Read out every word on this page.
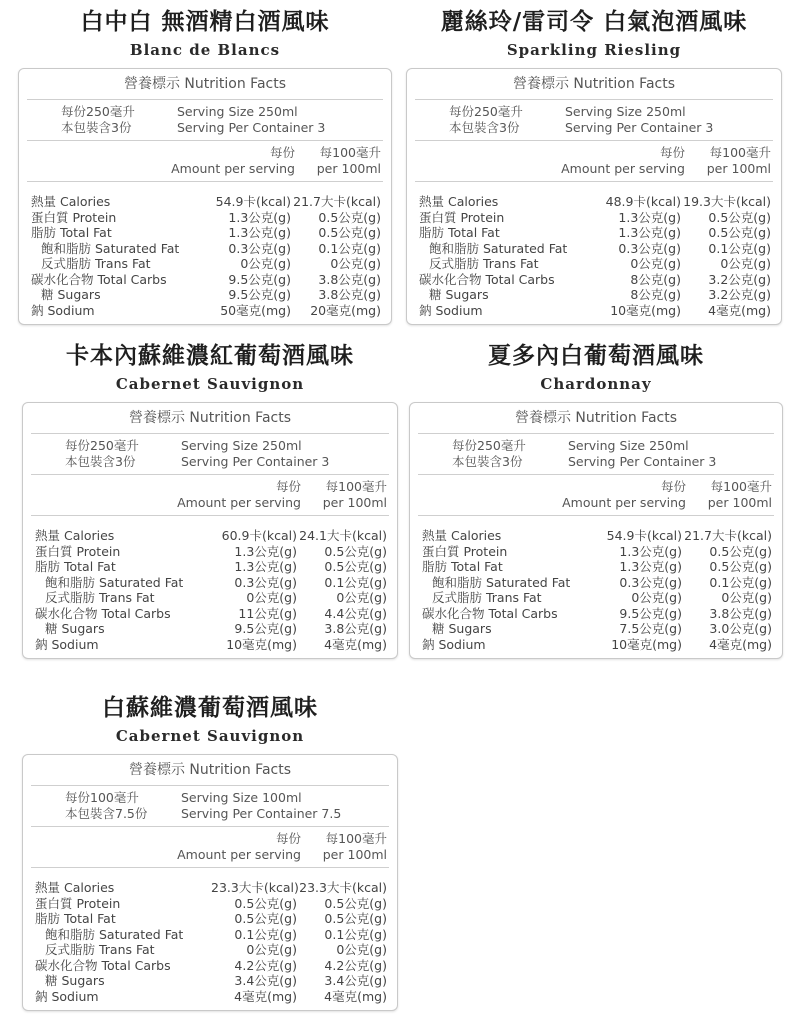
白中白 無酒精白酒風味
Blanc de Blancs
營養標示 Nutrition Facts
每份250毫升
本包裝含3份
Serving Size 250ml
Serving Per Container 3
每份
Amount per serving
每100毫升
per 100ml
熱量 Calories	54.9卡(kcal) 21.7大卡(kcal)
蛋白質 Protein	1.3公克(g)	0.5公克(g)
脂肪 Total Fat	1.3公克(g)	0.5公克(g)
飽和脂肪 Saturated Fat	0.3公克(g)	0.1公克(g)
反式脂肪 Trans Fat	0公克(g)	0公克(g)
碳水化合物 Total Carbs	9.5公克(g)	3.8公克(g)
糖 Sugars	9.5公克(g)	3.8公克(g)
鈉 Sodium	50毫克(mg)	20毫克(mg)
麗絲玲/雷司令 白氣泡酒風味
Sparkling Riesling
營養標示 Nutrition Facts
每份250毫升
本包裝含3份
Serving Size 250ml
Serving Per Container 3
每份
Amount per serving
每100毫升
per 100ml
熱量 Calories	48.9卡(kcal) 19.3大卡(kcal)
蛋白質 Protein	1.3公克(g)	0.5公克(g)
脂肪 Total Fat	1.3公克(g)	0.5公克(g)
飽和脂肪 Saturated Fat	0.3公克(g)	0.1公克(g)
反式脂肪 Trans Fat	0公克(g)	0公克(g)
碳水化合物 Total Carbs	8公克(g)	3.2公克(g)
糖 Sugars	8公克(g)	3.2公克(g)
鈉 Sodium	10毫克(mg)	4毫克(mg)
卡本內蘇維濃紅葡萄酒風味
Cabernet Sauvignon
營養標示 Nutrition Facts
每份250毫升
本包裝含3份
Serving Size 250ml
Serving Per Container 3
每份
Amount per serving
每100毫升
per 100ml
熱量 Calories	60.9卡(kcal) 24.1大卡(kcal)
蛋白質 Protein	1.3公克(g)	0.5公克(g)
脂肪 Total Fat	1.3公克(g)	0.5公克(g)
飽和脂肪 Saturated Fat	0.3公克(g)	0.1公克(g)
反式脂肪 Trans Fat	0公克(g)	0公克(g)
碳水化合物 Total Carbs	11公克(g)	4.4公克(g)
糖 Sugars	9.5公克(g)	3.8公克(g)
鈉 Sodium	10毫克(mg)	4毫克(mg)
夏多內白葡萄酒風味
Chardonnay
營養標示 Nutrition Facts
每份250毫升
本包裝含3份
Serving Size 250ml
Serving Per Container 3
每份
Amount per serving
每100毫升
per 100ml
熱量 Calories	54.9卡(kcal) 21.7大卡(kcal)
蛋白質 Protein	1.3公克(g)	0.5公克(g)
脂肪 Total Fat	1.3公克(g)	0.5公克(g)
飽和脂肪 Saturated Fat	0.3公克(g)	0.1公克(g)
反式脂肪 Trans Fat	0公克(g)	0公克(g)
碳水化合物 Total Carbs	9.5公克(g)	3.8公克(g)
糖 Sugars	7.5公克(g)	3.0公克(g)
鈉 Sodium	10毫克(mg)	4毫克(mg)
白蘇維濃葡萄酒風味
Cabernet Sauvignon
營養標示 Nutrition Facts
每份100毫升
本包裝含7.5份
Serving Size 100ml
Serving Per Container 7.5
每份
Amount per serving
每100毫升
per 100ml
熱量 Calories	23.3大卡(kcal) 23.3大卡(kcal)
蛋白質 Protein	0.5公克(g)	0.5公克(g)
脂肪 Total Fat	0.5公克(g)	0.5公克(g)
飽和脂肪 Saturated Fat	0.1公克(g)	0.1公克(g)
反式脂肪 Trans Fat	0公克(g)	0公克(g)
碳水化合物 Total Carbs	4.2公克(g)	4.2公克(g)
糖 Sugars	3.4公克(g)	3.4公克(g)
鈉 Sodium	4毫克(mg)	4毫克(mg)
